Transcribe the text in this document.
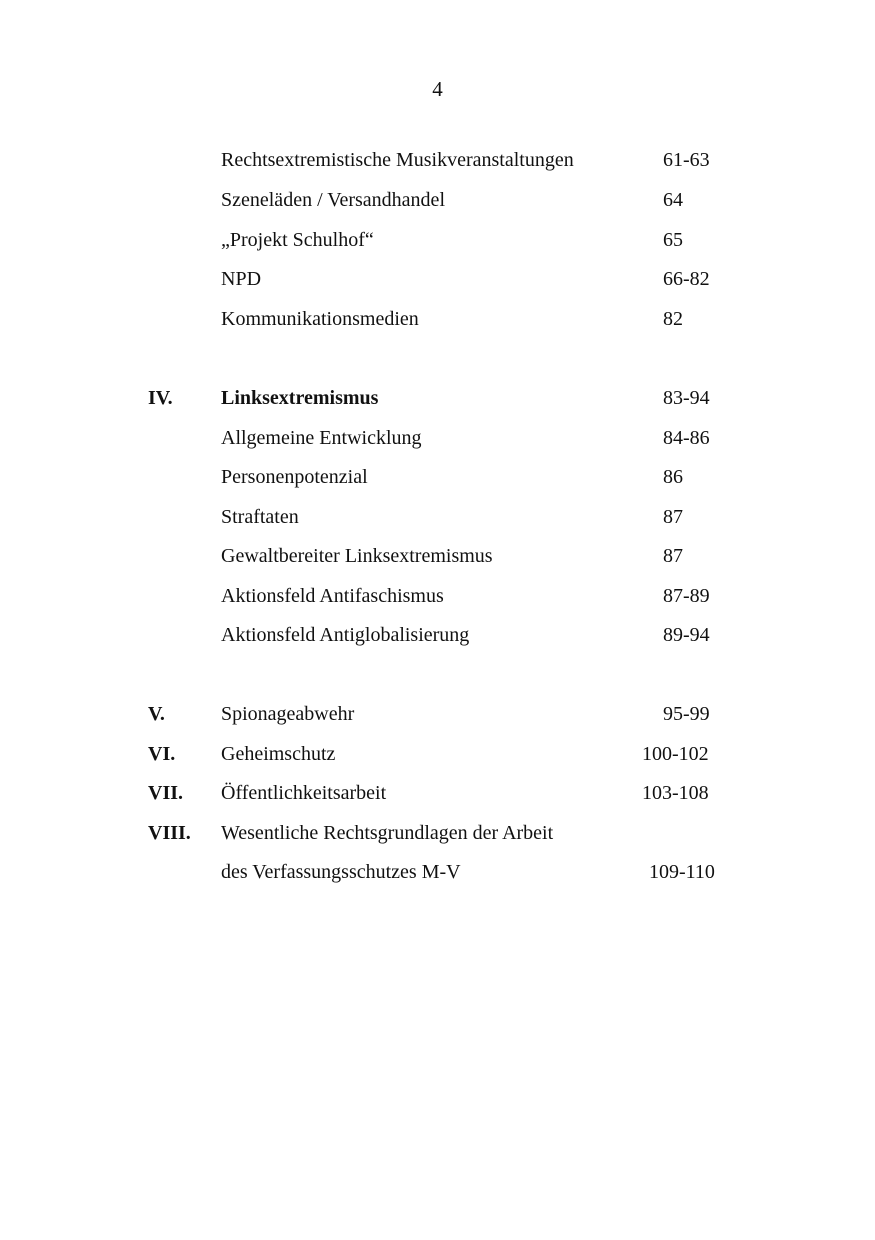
4
Rechtsextremistische Musikveranstaltungen	61-63
Szeneläden / Versandhandel	64
„Projekt Schulhof“	65
NPD	66-82
Kommunikationsmedien	82
IV. Linksextremismus	83-94
Allgemeine Entwicklung	84-86
Personenpotenzial	86
Straftaten	87
Gewaltbereiter Linksextremismus	87
Aktionsfeld Antifaschismus	87-89
Aktionsfeld Antiglobalisierung	89-94
V.	Spionageabwehr	95-99
VI. Geheimschutz	100-102
VII. Öffentlichkeitsarbeit	103-108
VIII. Wesentliche Rechtsgrundlagen der Arbeit
des Verfassungsschutzes M-V	109-110
